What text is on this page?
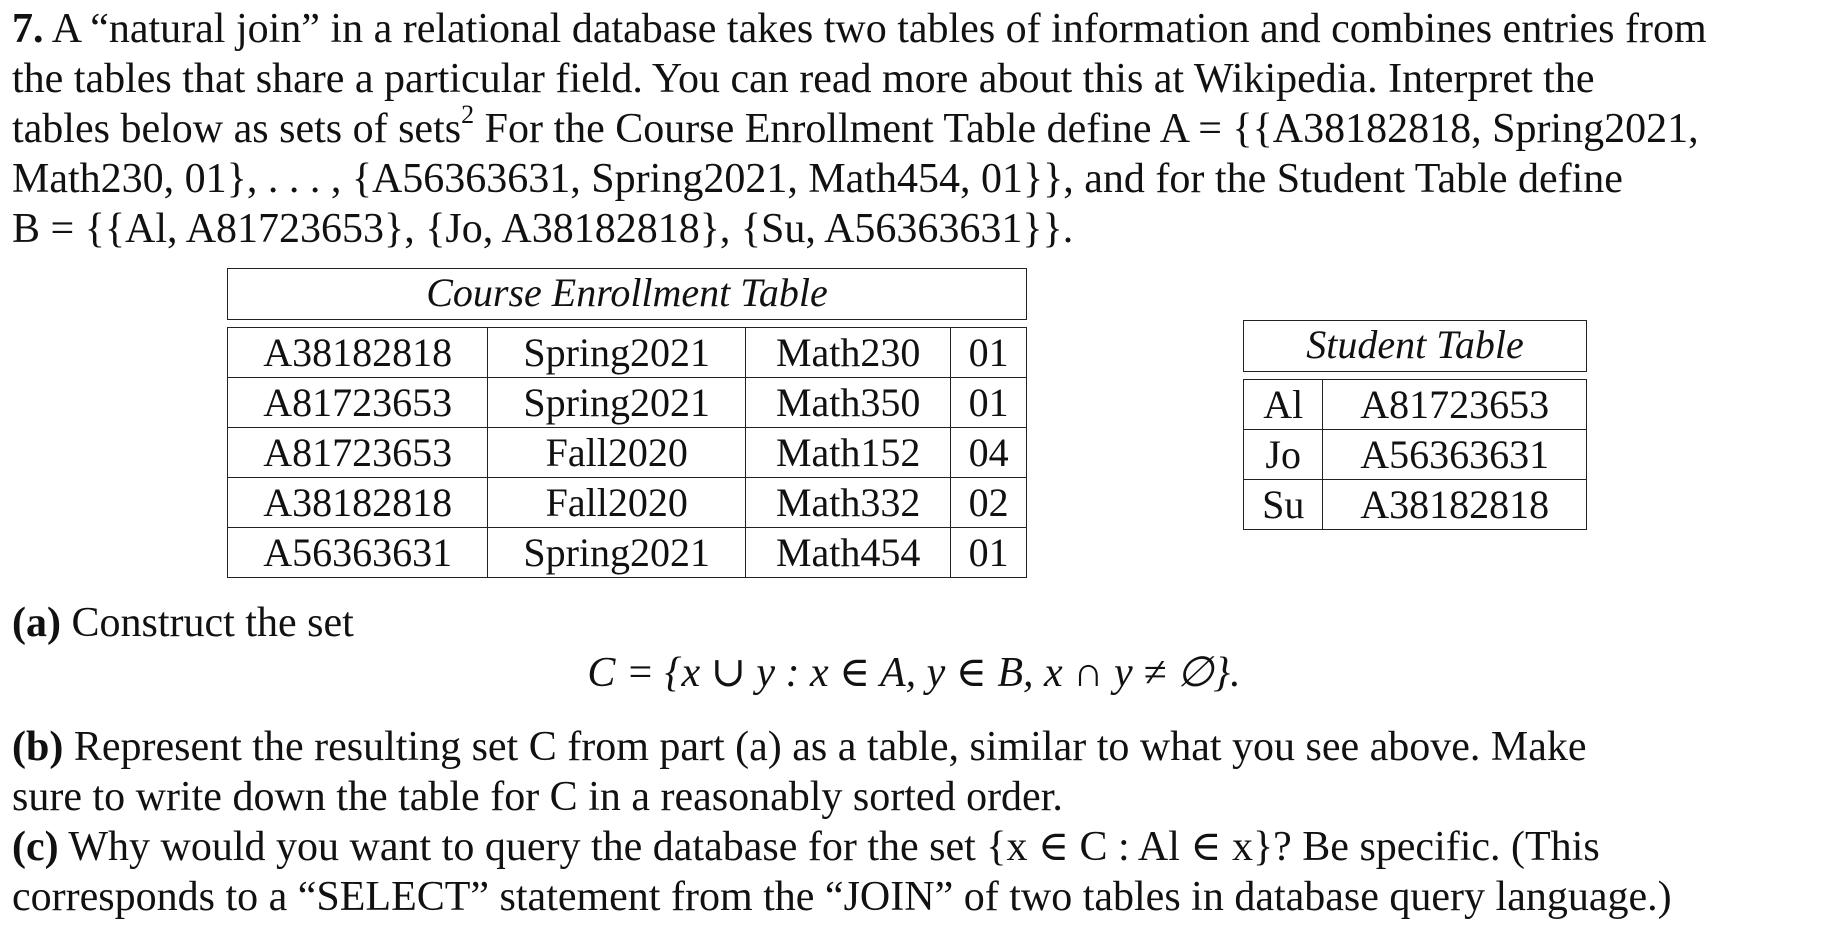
7. A “natural join” in a relational database takes two tables of information and combines entries from
the tables that share a particular field. You can read more about this at Wikipedia. Interpret the
tables below as sets of sets$^2$ For the Course Enrollment Table define A = {{A38182818, Spring2021,
Math230, 01}, . . . , {A56363631, Spring2021, Math454, 01}}, and for the Student Table define
B = {{Al, A81723653}, {Jo, A38182818}, {Su, A56363631}}.
Course Enrollment Table
A38182818	Spring2021	Math230	01
A81723653	Spring2021	Math350	01
A81723653	Fall2020	Math152	04
A38182818	Fall2020	Math332	02
A56363631	Spring2021	Math454	01
Student Table
Al	A81723653
Jo	A56363631
Su	A38182818
(a) Construct the set
C = {x ∪ y : x ∈ A, y ∈ B, x ∩ y ≠ ∅}.
(b) Represent the resulting set C from part (a) as a table, similar to what you see above. Make
sure to write down the table for C in a reasonably sorted order.
(c) Why would you want to query the database for the set {x ∈ C : Al ∈ x}? Be specific. (This
corresponds to a “SELECT” statement from the “JOIN” of two tables in database query language.)
